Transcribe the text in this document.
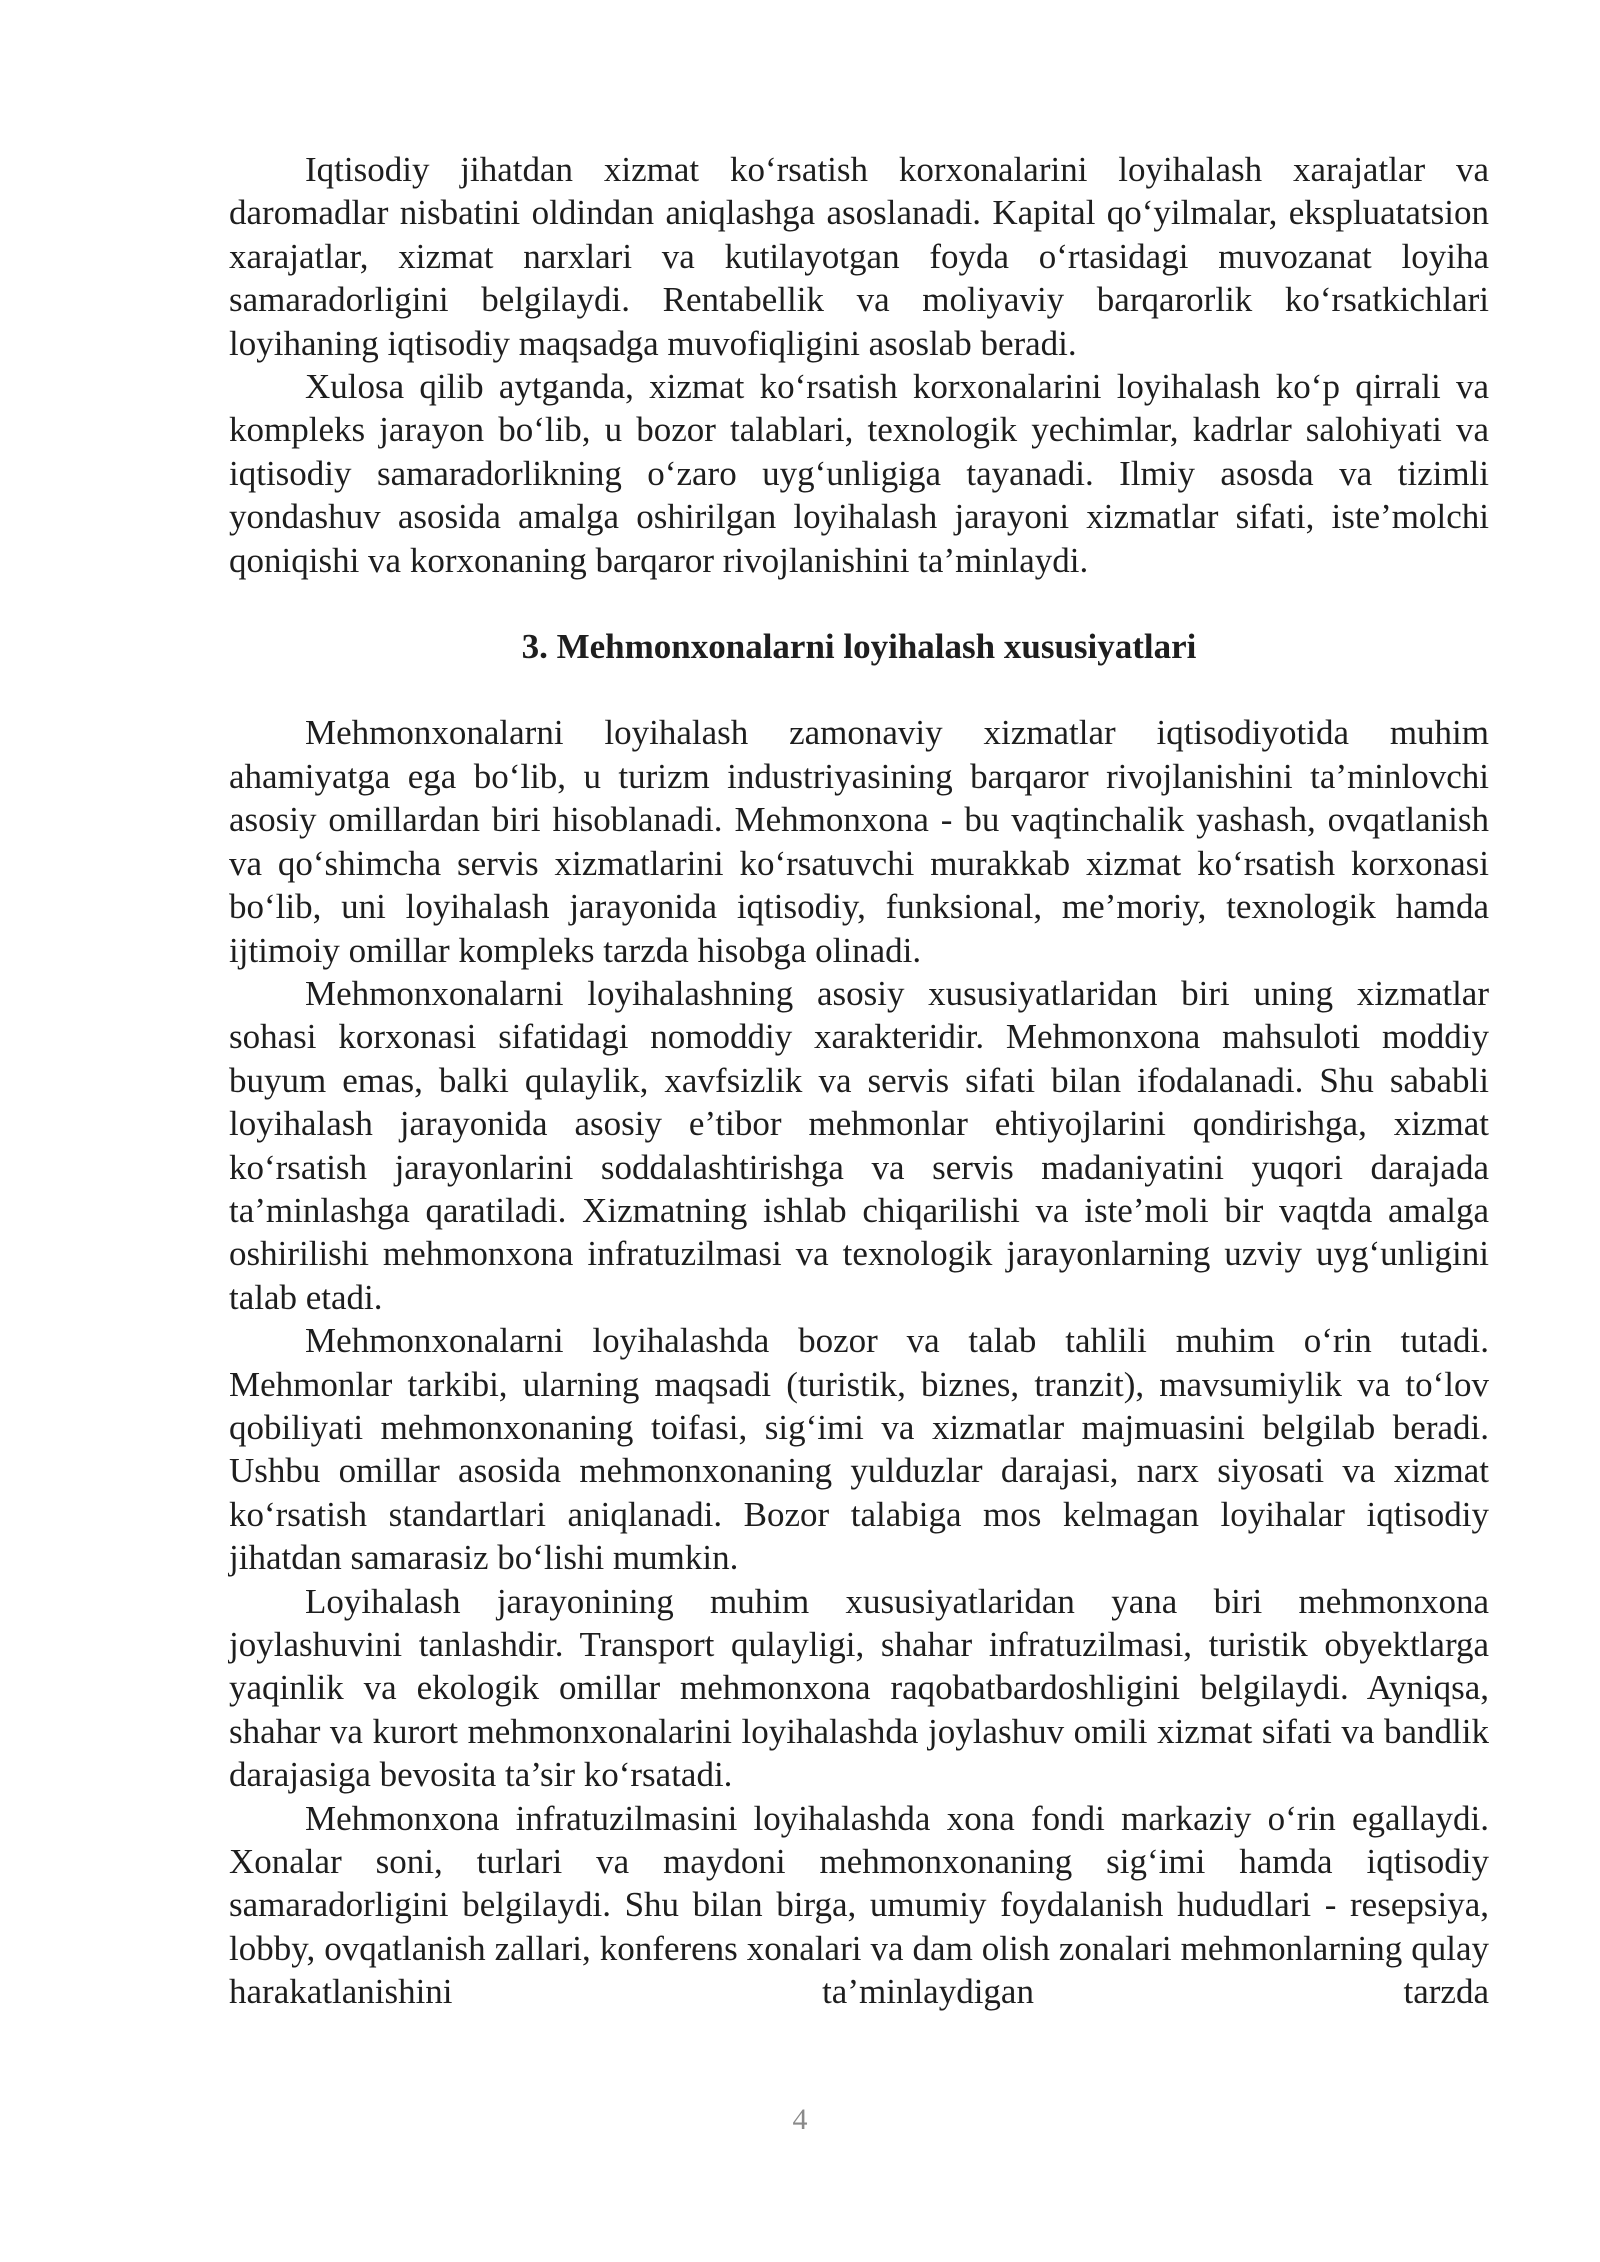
Iqtisodiy jihatdan xizmat ko‘rsatish korxonalarini loyihalash xarajatlar va daromadlar nisbatini oldindan aniqlashga asoslanadi. Kapital qo‘yilmalar, ekspluatatsion xarajatlar, xizmat narxlari va kutilayotgan foyda o‘rtasidagi muvozanat loyiha samaradorligini belgilaydi. Rentabellik va moliyaviy barqarorlik ko‘rsatkichlari loyihaning iqtisodiy maqsadga muvofiqligini asoslab beradi.

Xulosa qilib aytganda, xizmat ko‘rsatish korxonalarini loyihalash ko‘p qirrali va kompleks jarayon bo‘lib, u bozor talablari, texnologik yechimlar, kadrlar salohiyati va iqtisodiy samaradorlikning o‘zaro uyg‘unligiga tayanadi. Ilmiy asosda va tizimli yondashuv asosida amalga oshirilgan loyihalash jarayoni xizmatlar sifati, iste’molchi qoniqishi va korxonaning barqaror rivojlanishini ta’minlaydi.

3. Mehmonxonalarni loyihalash xususiyatlari

Mehmonxonalarni loyihalash zamonaviy xizmatlar iqtisodiyotida muhim ahamiyatga ega bo‘lib, u turizm industriyasining barqaror rivojlanishini ta’minlovchi asosiy omillardan biri hisoblanadi. Mehmonxona - bu vaqtinchalik yashash, ovqatlanish va qo‘shimcha servis xizmatlarini ko‘rsatuvchi murakkab xizmat ko‘rsatish korxonasi bo‘lib, uni loyihalash jarayonida iqtisodiy, funksional, me’moriy, texnologik hamda ijtimoiy omillar kompleks tarzda hisobga olinadi.

Mehmonxonalarni loyihalashning asosiy xususiyatlaridan biri uning xizmatlar sohasi korxonasi sifatidagi nomoddiy xarakteridir. Mehmonxona mahsuloti moddiy buyum emas, balki qulaylik, xavfsizlik va servis sifati bilan ifodalanadi. Shu sababli loyihalash jarayonida asosiy e’tibor mehmonlar ehtiyojlarini qondirishga, xizmat ko‘rsatish jarayonlarini soddalashtirishga va servis madaniyatini yuqori darajada ta’minlashga qaratiladi. Xizmatning ishlab chiqarilishi va iste’moli bir vaqtda amalga oshirilishi mehmonxona infratuzilmasi va texnologik jarayonlarning uzviy uyg‘unligini talab etadi.

Mehmonxonalarni loyihalashda bozor va talab tahlili muhim o‘rin tutadi. Mehmonlar tarkibi, ularning maqsadi (turistik, biznes, tranzit), mavsumiylik va to‘lov qobiliyati mehmonxonaning toifasi, sig‘imi va xizmatlar majmuasini belgilab beradi. Ushbu omillar asosida mehmonxonaning yulduzlar darajasi, narx siyosati va xizmat ko‘rsatish standartlari aniqlanadi. Bozor talabiga mos kelmagan loyihalar iqtisodiy jihatdan samarasiz bo‘lishi mumkin.

Loyihalash jarayonining muhim xususiyatlaridan yana biri mehmonxona joylashuvini tanlashdir. Transport qulayligi, shahar infratuzilmasi, turistik obyektlarga yaqinlik va ekologik omillar mehmonxona raqobatbardoshligini belgilaydi. Ayniqsa, shahar va kurort mehmonxonalarini loyihalashda joylashuv omili xizmat sifati va bandlik darajasiga bevosita ta’sir ko‘rsatadi.

Mehmonxona infratuzilmasini loyihalashda xona fondi markaziy o‘rin egallaydi. Xonalar soni, turlari va maydoni mehmonxonaning sig‘imi hamda iqtisodiy samaradorligini belgilaydi. Shu bilan birga, umumiy foydalanish hududlari - resepsiya, lobby, ovqatlanish zallari, konferens xonalari va dam olish zonalari mehmonlarning qulay harakatlanishini ta’minlaydigan tarzda

4
